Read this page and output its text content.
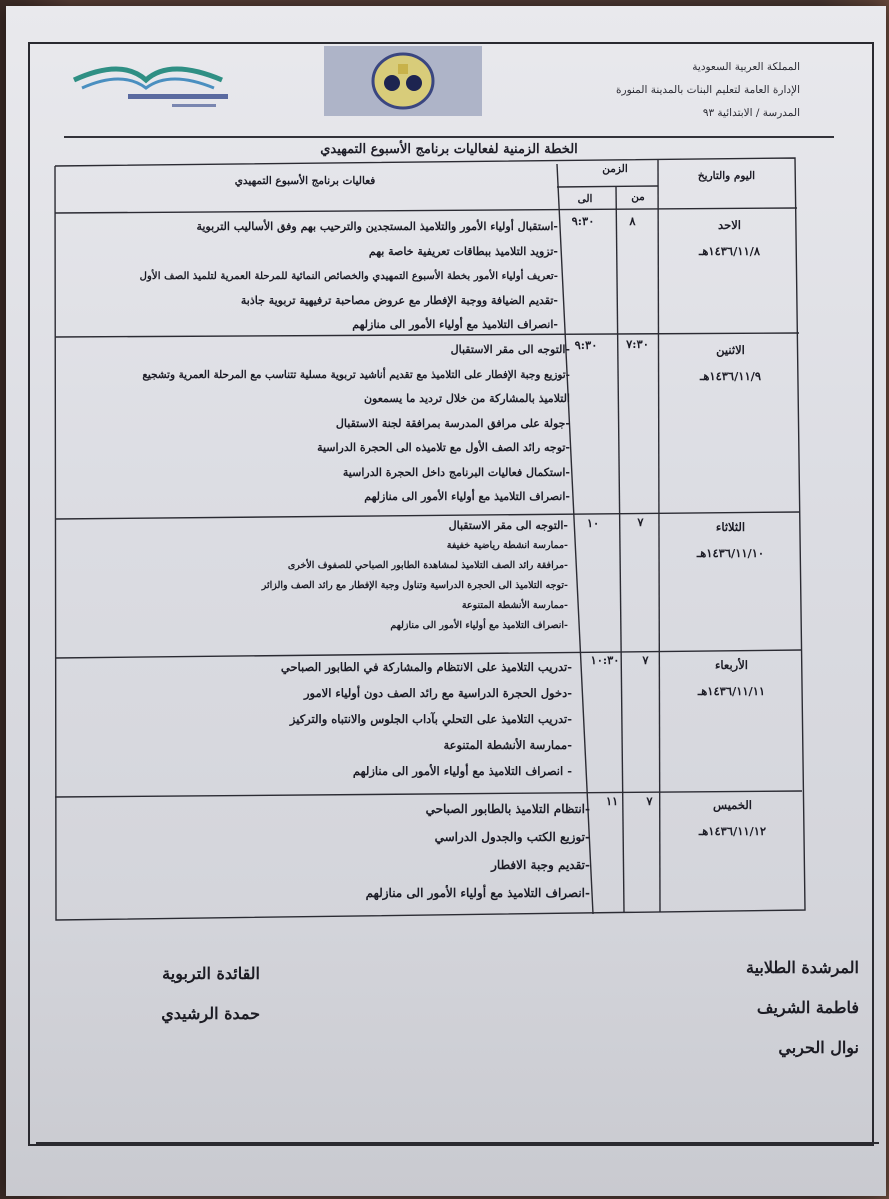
المملكة العربية السعودية
الإدارة العامة لتعليم البنات بالمدينة المنورة
المدرسة / الابتدائية ٩٣
الخطة الزمنية لفعاليات برنامج الأسبوع التمهيدي
اليوم والتاريخ
الزمن
من
الى
فعاليات برنامج الأسبوع التمهيدي
الاحد
١٤٣٦/١١/٨هـ
٨
٩:٣٠
-استقبال أولياء الأمور والتلاميذ المستجدين والترحيب بهم وفق الأساليب التربوية
-تزويد التلاميذ ببطاقات تعريفية خاصة بهم
-تعريف أولياء الأمور بخطة الأسبوع التمهيدي والخصائص النمائية للمرحلة العمرية لتلميذ الصف الأول
-تقديم الضيافة ووجبة الإفطار مع عروض مصاحبة ترفيهية تربوية جاذبة
-انصراف التلاميذ مع أولياء الأمور الى منازلهم
الاثنين
١٤٣٦/١١/٩هـ
٧:٣٠
٩:٣٠
-التوجه الى مقر الاستقبال
-توزيع وجبة الإفطار على التلاميذ مع تقديم أناشيد تربوية مسلية تتناسب مع المرحلة العمرية وتشجيع
التلاميذ بالمشاركة من خلال ترديد ما يسمعون
-جولة على مرافق المدرسة بمرافقة لجنة الاستقبال
-توجه رائد الصف الأول مع تلاميذه الى الحجرة الدراسية
-استكمال فعاليات البرنامج داخل الحجرة الدراسية
-انصراف التلاميذ مع أولياء الأمور الى منازلهم
الثلاثاء
١٤٣٦/١١/١٠هـ
٧
١٠
-التوجه الى مقر الاستقبال
-ممارسة انشطة رياضية خفيفة
-مرافقة رائد الصف التلاميذ لمشاهدة الطابور الصباحي للصفوف الأخرى
-توجه التلاميذ الى الحجرة الدراسية وتناول وجبة الإفطار مع رائد الصف والزائر
-ممارسة الأنشطة المتنوعة
-انصراف التلاميذ مع أولياء الأمور الى منازلهم
الأربعاء
١٤٣٦/١١/١١هـ
٧
١٠:٣٠
-تدريب التلاميذ على الانتظام والمشاركة في الطابور الصباحي
-دخول الحجرة الدراسية مع رائد الصف دون أولياء الامور
-تدريب التلاميذ على التحلي بآداب الجلوس والانتباه والتركيز
-ممارسة الأنشطة المتنوعة
- انصراف التلاميذ مع أولياء الأمور الى منازلهم
الخميس
١٤٣٦/١١/١٢هـ
٧
١١
-انتظام التلاميذ بالطابور الصباحي
-توزيع الكتب والجدول الدراسي
-تقديم وجبة الافطار
-انصراف التلاميذ مع أولياء الأمور الى منازلهم
المرشدة الطلابية
فاطمة الشريف
نوال الحربي
القائدة التربوية
حمدة الرشيدي
